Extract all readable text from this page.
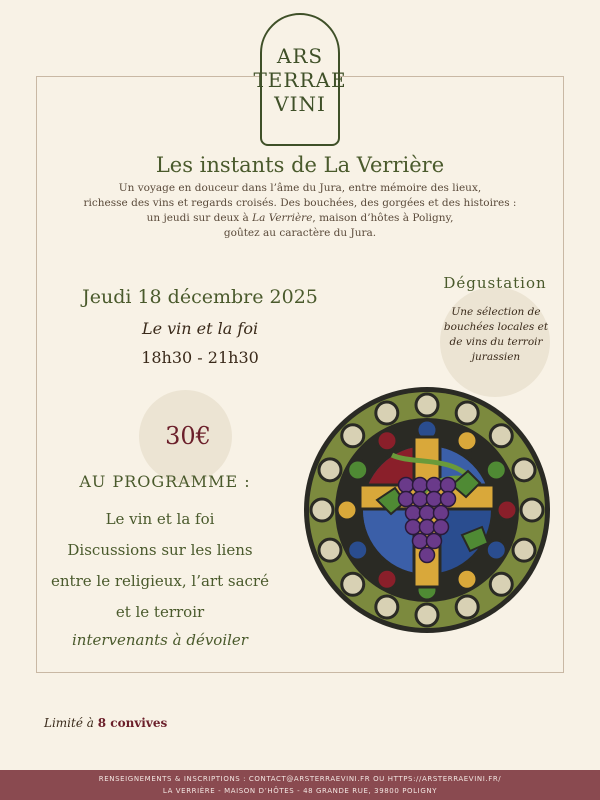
ARS
TERRAE
VINI
Les instants de La Verrière
Un voyage en douceur dans l’âme du Jura, entre mémoire des lieux,
richesse des vins et regards croisés. Des bouchées, des gorgées et des histoires :
un jeudi sur deux à La Verrière, maison d’hôtes à Poligny,
goûtez au caractère du Jura.
Jeudi 18 décembre 2025
Le vin et la foi
18h30 - 21h30
30€
AU PROGRAMME :
Le vin et la foi
Discussions sur les liens
entre le religieux, l’art sacré
et le terroir
intervenants à dévoiler
Dégustation
Une sélection de
bouchées locales et
de vins du terroir
jurassien
Limité à 8 convives
RENSEIGNEMENTS & INSCRIPTIONS : CONTACT@ARSTERRAEVINI.FR OU HTTPS://ARSTERRAEVINI.FR/
LA VERRIÈRE - MAISON D’HÔTES - 48 GRANDE RUE, 39800 POLIGNY
